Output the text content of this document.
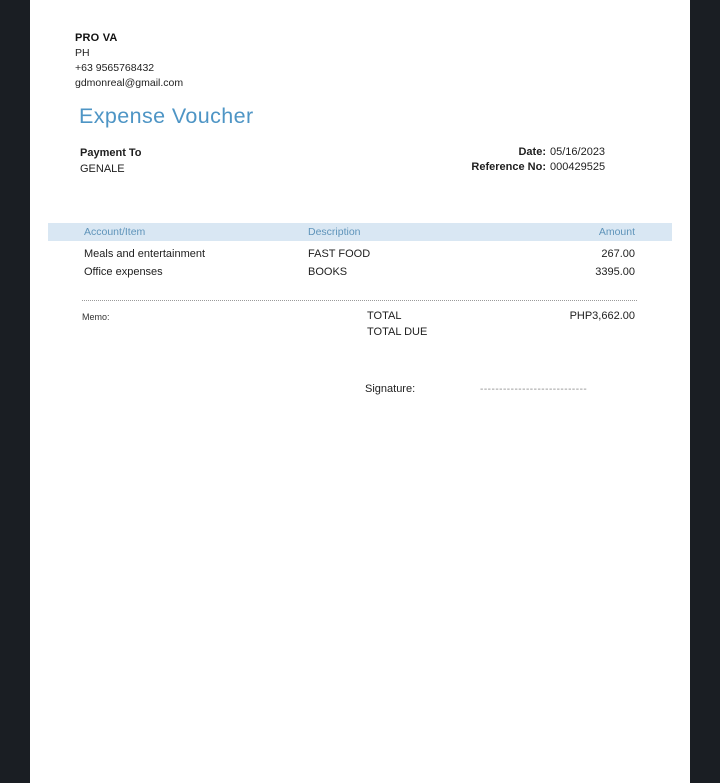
PRO VA
PH
+63 9565768432
gdmonreal@gmail.com
Expense Voucher
Payment To
GENALE
Date: 05/16/2023
Reference No: 000429525
Account/Item	Description	Amount
Meals and entertainment	FAST FOOD	267.00
Office expenses	BOOKS	3395.00
Memo:	TOTAL	PHP3,662.00
TOTAL DUE
Signature:	----------------------------
